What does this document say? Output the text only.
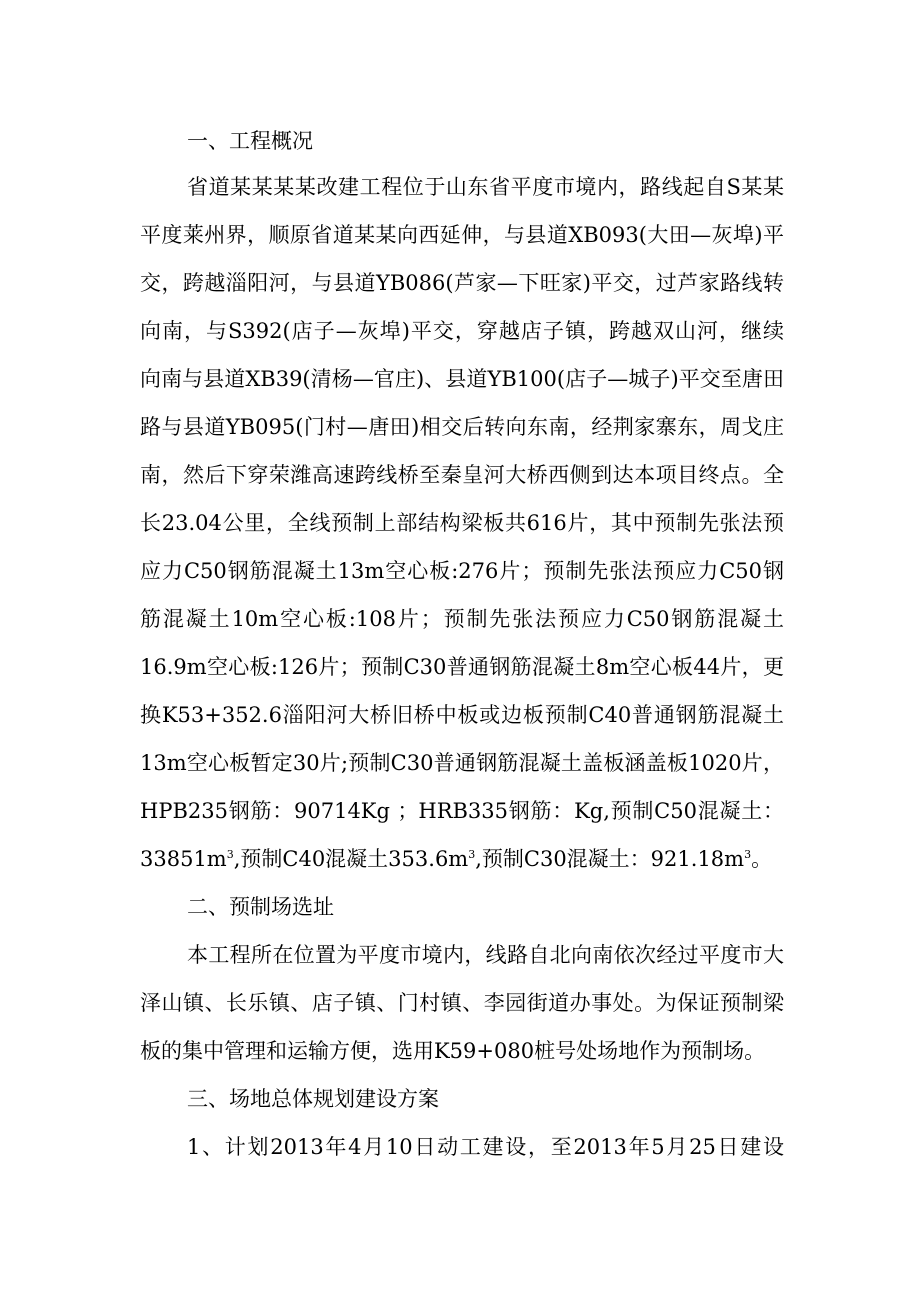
一、工程概况
省道某某某某改建工程位于山东省平度市境内，路线起自S某某
平度莱州界，顺原省道某某向西延伸，与县道XB093(大田—灰埠)平
交，跨越淄阳河，与县道YB086(芦家—下旺家)平交，过芦家路线转
向南，与S392(店子—灰埠)平交，穿越店子镇，跨越双山河，继续
向南与县道XB39(清杨—官庄)、县道YB100(店子—城子)平交至唐田
路与县道YB095(门村—唐田)相交后转向东南，经荆家寨东，周戈庄
南，然后下穿荣潍高速跨线桥至秦皇河大桥西侧到达本项目终点。全
长23.04公里，全线预制上部结构梁板共616片，其中预制先张法预
应力C50钢筋混凝土13m空心板:276片；预制先张法预应力C50钢
筋混凝土10m空心板:108片；预制先张法预应力C50钢筋混凝土
16.9m空心板:126片；预制C30普通钢筋混凝土8m空心板44片，更
换K53+352.6淄阳河大桥旧桥中板或边板预制C40普通钢筋混凝土
13m空心板暂定30片;预制C30普通钢筋混凝土盖板涵盖板1020片，
HPB235钢筋：90714Kg ；HRB335钢筋：Kg,预制C50混凝土：
$33851m^3$,预制C40混凝土$353.6m^3$,预制C30混凝土：$921.18m^3$。
二、预制场选址
本工程所在位置为平度市境内，线路自北向南依次经过平度市大
泽山镇、长乐镇、店子镇、门村镇、李园街道办事处。为保证预制梁
板的集中管理和运输方便，选用K59+080桩号处场地作为预制场。
三、场地总体规划建设方案
1、计划2013年4月10日动工建设，至2013年5月25日建设
